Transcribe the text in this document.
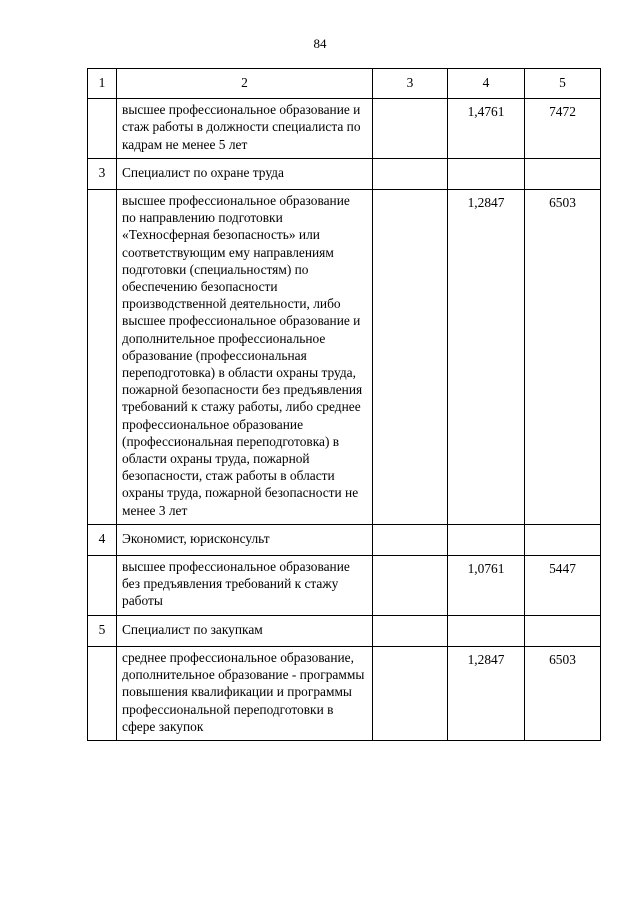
84
1	2	3	4	5
	высшее профессиональное образование и стаж работы в должности специалиста по кадрам не менее 5 лет		1,4761	7472
3	Специалист по охране труда			
	высшее профессиональное образование по направлению подготовки «Техносферная безопасность» или соответствующим ему направлениям подготовки (специальностям) по обеспечению безопасности производственной деятельности, либо высшее профессиональное образование и дополнительное профессиональное образование (профессиональная переподготовка) в области охраны труда, пожарной безопасности без предъявления требований к стажу работы, либо среднее профессиональное образование (профессиональная переподготовка) в области охраны труда, пожарной безопасности, стаж работы в области охраны труда, пожарной безопасности не менее 3 лет		1,2847	6503
4	Экономист, юрисконсульт			
	высшее профессиональное образование без предъявления требований к стажу работы		1,0761	5447
5	Специалист по закупкам			
	среднее профессиональное образование, дополнительное образование - программы повышения квалификации и программы профессиональной переподготовки в сфере закупок		1,2847	6503
